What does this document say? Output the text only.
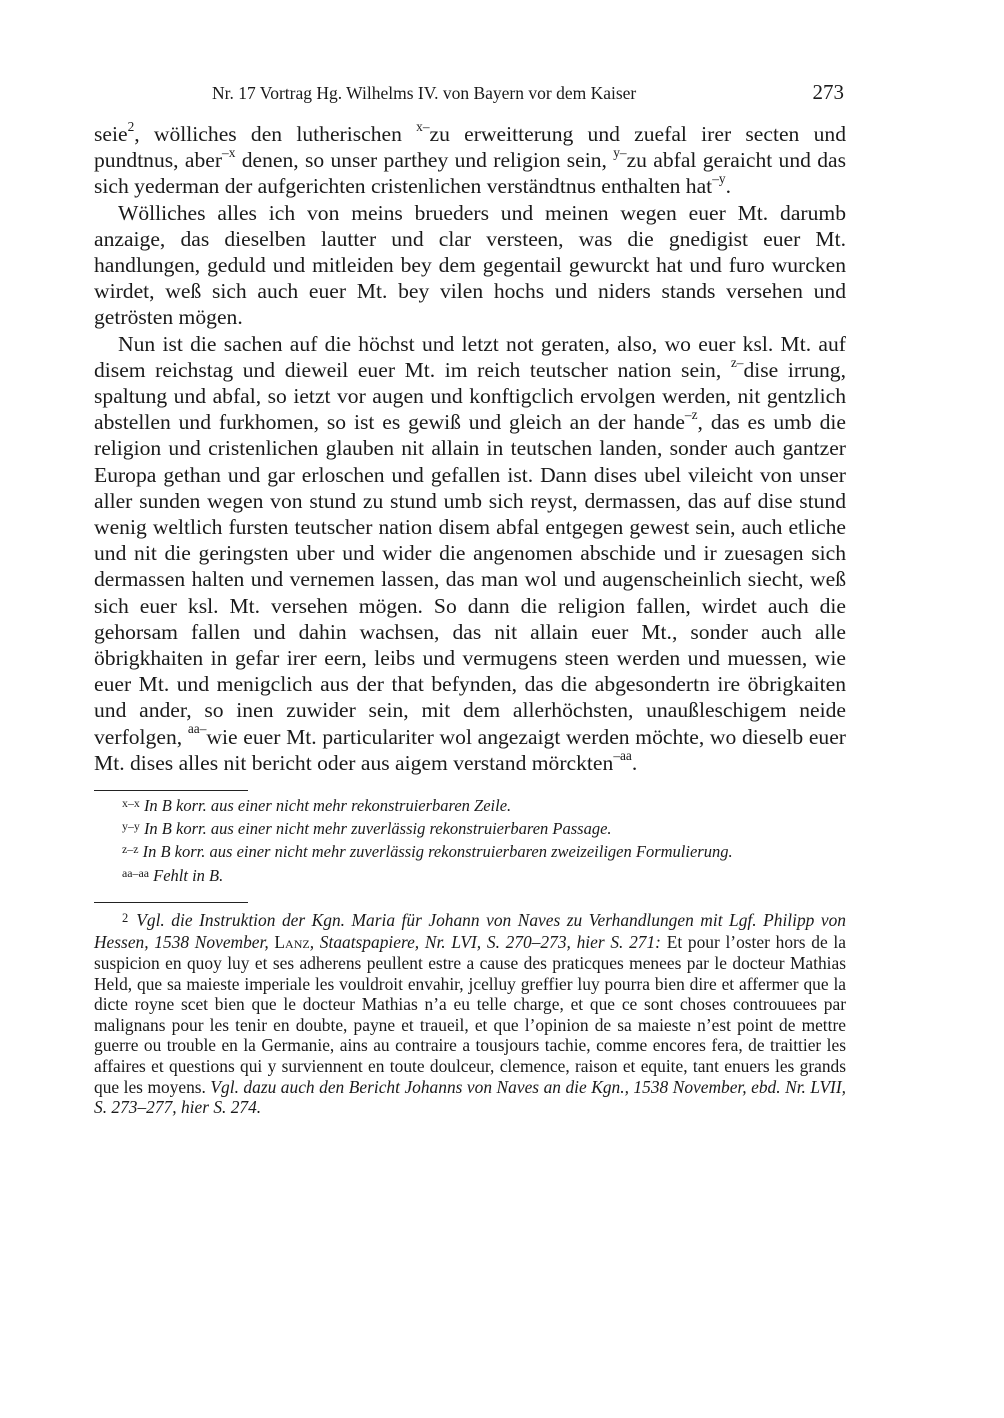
Nr. 17 Vortrag Hg. Wilhelms IV. von Bayern vor dem Kaiser	273

seie$^2$, wölliches den lutherischen $^{x-}$zu erweitterung und zuefal irer secten und pundtnus, aber$^{-x}$ denen, so unser parthey und religion sein, $^{y-}$zu abfal geraicht und das sich yederman der aufgerichten cristenlichen verständtnus enthalten hat$^{-y}$.

Wölliches alles ich von meins brueders und meinen wegen euer Mt. darumb anzaige, das dieselben lautter und clar versteen, was die gnedigist euer Mt. handlungen, geduld und mitleiden bey dem gegentail gewurckt hat und furo wurcken wirdet, weß sich auch euer Mt. bey vilen hochs und niders stands versehen und getrösten mögen.

Nun ist die sachen auf die höchst und letzt not geraten, also, wo euer ksl. Mt. auf disem reichstag und dieweil euer Mt. im reich teutscher nation sein, $^{z-}$dise irrung, spaltung und abfal, so ietzt vor augen und konftigclich ervolgen werden, nit gentzlich abstellen und furkhomen, so ist es gewiß und gleich an der hande$^{-z}$, das es umb die religion und cristenlichen glauben nit allain in teutschen landen, sonder auch gantzer Europa gethan und gar erloschen und gefallen ist. Dann dises ubel vileicht von unser aller sunden wegen von stund zu stund umb sich reyst, dermassen, das auf dise stund wenig weltlich fursten teutscher nation disem abfal entgegen gewest sein, auch etliche und nit die geringsten uber und wider die angenomen abschide und ir zuesagen sich dermassen halten und vernemen lassen, das man wol und augenscheinlich siecht, weß sich euer ksl. Mt. versehen mögen. So dann die religion fallen, wirdet auch die gehorsam fallen und dahin wachsen, das nit allain euer Mt., sonder auch alle öbrigkhaiten in gefar irer eern, leibs und vermugens steen werden und muessen, wie euer Mt. und menigclich aus der that befynden, das die abgesondertn ire öbrigkaiten und ander, so inen zuwider sein, mit dem allerhöchsten, unaußleschigem neide verfolgen, $^{aa-}$wie euer Mt. particulariter wol angezaigt werden möchte, wo dieselb euer Mt. dises alles nit bericht oder aus aigem verstand mörckten$^{-aa}$.

$^{x-x}$ In B korr. aus einer nicht mehr rekonstruierbaren Zeile.

$^{y-y}$ In B korr. aus einer nicht mehr zuverlässig rekonstruierbaren Passage.

$^{z-z}$ In B korr. aus einer nicht mehr zuverlässig rekonstruierbaren zweizeiligen Formulierung.

$^{aa-aa}$ Fehlt in B.

$^2$ Vgl. die Instruktion der Kgn. Maria für Johann von Naves zu Verhandlungen mit Lgf. Philipp von Hessen, 1538 November, Lanz, Staatspapiere, Nr. LVI, S. 270–273, hier S. 271: Et pour l’oster hors de la suspicion en quoy luy et ses adherens peullent estre a cause des praticques menees par le docteur Mathias Held, que sa maieste imperiale les vouldroit envahir, jcelluy greffier luy pourra bien dire et affermer que la dicte royne scet bien que le docteur Mathias n’a eu telle charge, et que ce sont choses controuuees par malignans pour les tenir en doubte, payne et traueil, et que l’opinion de sa maieste n’est point de mettre guerre ou trouble en la Germanie, ains au contraire a tousjours tachie, comme encores fera, de traittier les affaires et questions qui y surviennent en toute doulceur, clemence, raison et equite, tant enuers les grands que les moyens. Vgl. dazu auch den Bericht Johanns von Naves an die Kgn., 1538 November, ebd. Nr. LVII, S. 273–277, hier S. 274.
